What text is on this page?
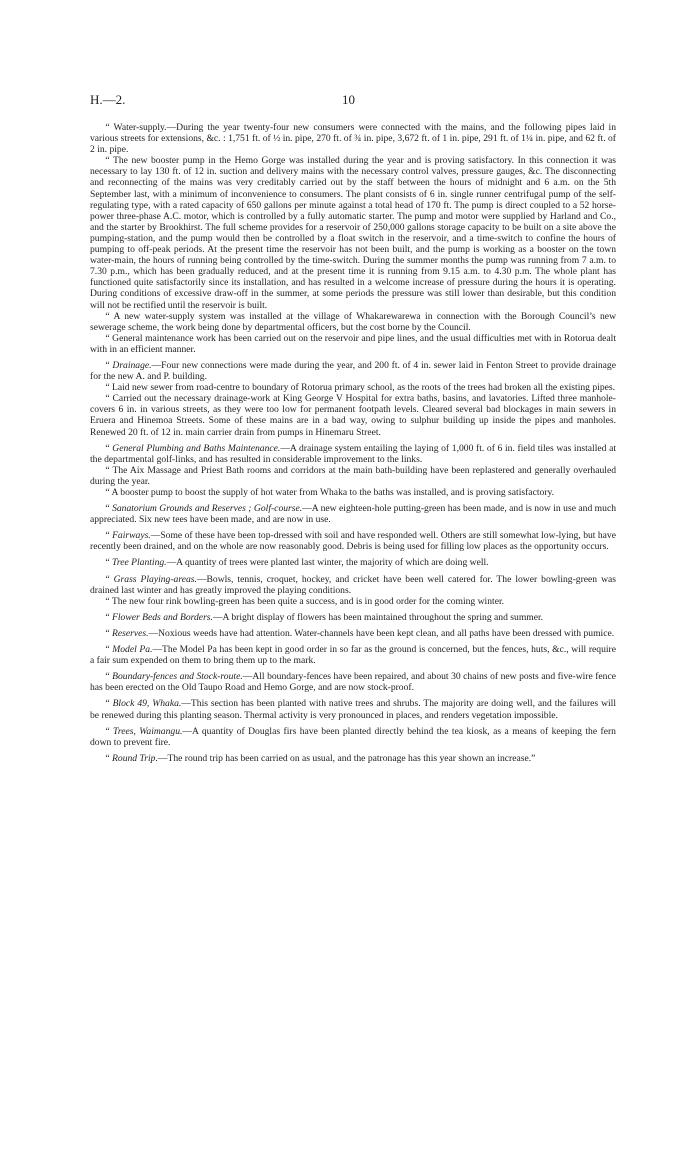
H.—2.	10

“ Water-supply.—During the year twenty-four new consumers were connected with the mains, and the following pipes laid in various streets for extensions, &c. : 1,751 ft. of ½ in. pipe, 270 ft. of ¾ in. pipe, 3,672 ft. of 1 in. pipe, 291 ft. of 1¼ in. pipe, and 62 ft. of 2 in. pipe.

“ The new booster pump in the Hemo Gorge was installed during the year and is proving satisfactory. In this connection it was necessary to lay 130 ft. of 12 in. suction and delivery mains with the necessary control valves, pressure gauges, &c. The disconnecting and reconnecting of the mains was very creditably carried out by the staff between the hours of midnight and 6 a.m. on the 5th September last, with a minimum of inconvenience to consumers. The plant consists of 6 in. single runner centrifugal pump of the self-regulating type, with a rated capacity of 650 gallons per minute against a total head of 170 ft. The pump is direct coupled to a 52 horse-power three-phase A.C. motor, which is controlled by a fully automatic starter. The pump and motor were supplied by Harland and Co., and the starter by Brookhirst. The full scheme provides for a reservoir of 250,000 gallons storage capacity to be built on a site above the pumping-station, and the pump would then be controlled by a float switch in the reservoir, and a time-switch to confine the hours of pumping to off-peak periods. At the present time the reservoir has not been built, and the pump is working as a booster on the town water-main, the hours of running being controlled by the time-switch. During the summer months the pump was running from 7 a.m. to 7.30 p.m., which has been gradually reduced, and at the present time it is running from 9.15 a.m. to 4.30 p.m. The whole plant has functioned quite satisfactorily since its installation, and has resulted in a welcome increase of pressure during the hours it is operating. During conditions of excessive draw-off in the summer, at some periods the pressure was still lower than desirable, but this condition will not be rectified until the reservoir is built.

“ A new water-supply system was installed at the village of Whakarewarewa in connection with the Borough Council’s new sewerage scheme, the work being done by departmental officers, but the cost borne by the Council.

“ General maintenance work has been carried out on the reservoir and pipe lines, and the usual difficulties met with in Rotorua dealt with in an efficient manner.

“ Drainage.—Four new connections were made during the year, and 200 ft. of 4 in. sewer laid in Fenton Street to provide drainage for the new A. and P. building.

“ Laid new sewer from road-centre to boundary of Rotorua primary school, as the roots of the trees had broken all the existing pipes.

“ Carried out the necessary drainage-work at King George V Hospital for extra baths, basins, and lavatories. Lifted three manhole-covers 6 in. in various streets, as they were too low for permanent footpath levels. Cleared several bad blockages in main sewers in Eruera and Hinemoa Streets. Some of these mains are in a bad way, owing to sulphur building up inside the pipes and manholes. Renewed 20 ft. of 12 in. main carrier drain from pumps in Hinemaru Street.

“ General Plumbing and Baths Maintenance.—A drainage system entailing the laying of 1,000 ft. of 6 in. field tiles was installed at the departmental golf-links, and has resulted in considerable improvement to the links.

“ The Aix Massage and Priest Bath rooms and corridors at the main bath-building have been replastered and generally overhauled during the year.

“ A booster pump to boost the supply of hot water from Whaka to the baths was installed, and is proving satisfactory.

“ Sanatorium Grounds and Reserves ; Golf-course.—A new eighteen-hole putting-green has been made, and is now in use and much appreciated. Six new tees have been made, and are now in use.

“ Fairways.—Some of these have been top-dressed with soil and have responded well. Others are still somewhat low-lying, but have recently been drained, and on the whole are now reasonably good. Debris is being used for filling low places as the opportunity occurs.

“ Tree Planting.—A quantity of trees were planted last winter, the majority of which are doing well.

“ Grass Playing-areas.—Bowls, tennis, croquet, hockey, and cricket have been well catered for. The lower bowling-green was drained last winter and has greatly improved the playing conditions.

“ The new four rink bowling-green has been quite a success, and is in good order for the coming winter.

“ Flower Beds and Borders.—A bright display of flowers has been maintained throughout the spring and summer.

“ Reserves.—Noxious weeds have had attention. Water-channels have been kept clean, and all paths have been dressed with pumice.

“ Model Pa.—The Model Pa has been kept in good order in so far as the ground is concerned, but the fences, huts, &c., will require a fair sum expended on them to bring them up to the mark.

“ Boundary-fences and Stock-route.—All boundary-fences have been repaired, and about 30 chains of new posts and five-wire fence has been erected on the Old Taupo Road and Hemo Gorge, and are now stock-proof.

“ Block 49, Whaka.—This section has been planted with native trees and shrubs. The majority are doing well, and the failures will be renewed during this planting season. Thermal activity is very pronounced in places, and renders vegetation impossible.

“ Trees, Waimangu.—A quantity of Douglas firs have been planted directly behind the tea kiosk, as a means of keeping the fern down to prevent fire.

“ Round Trip.—The round trip has been carried on as usual, and the patronage has this year shown an increase.”
